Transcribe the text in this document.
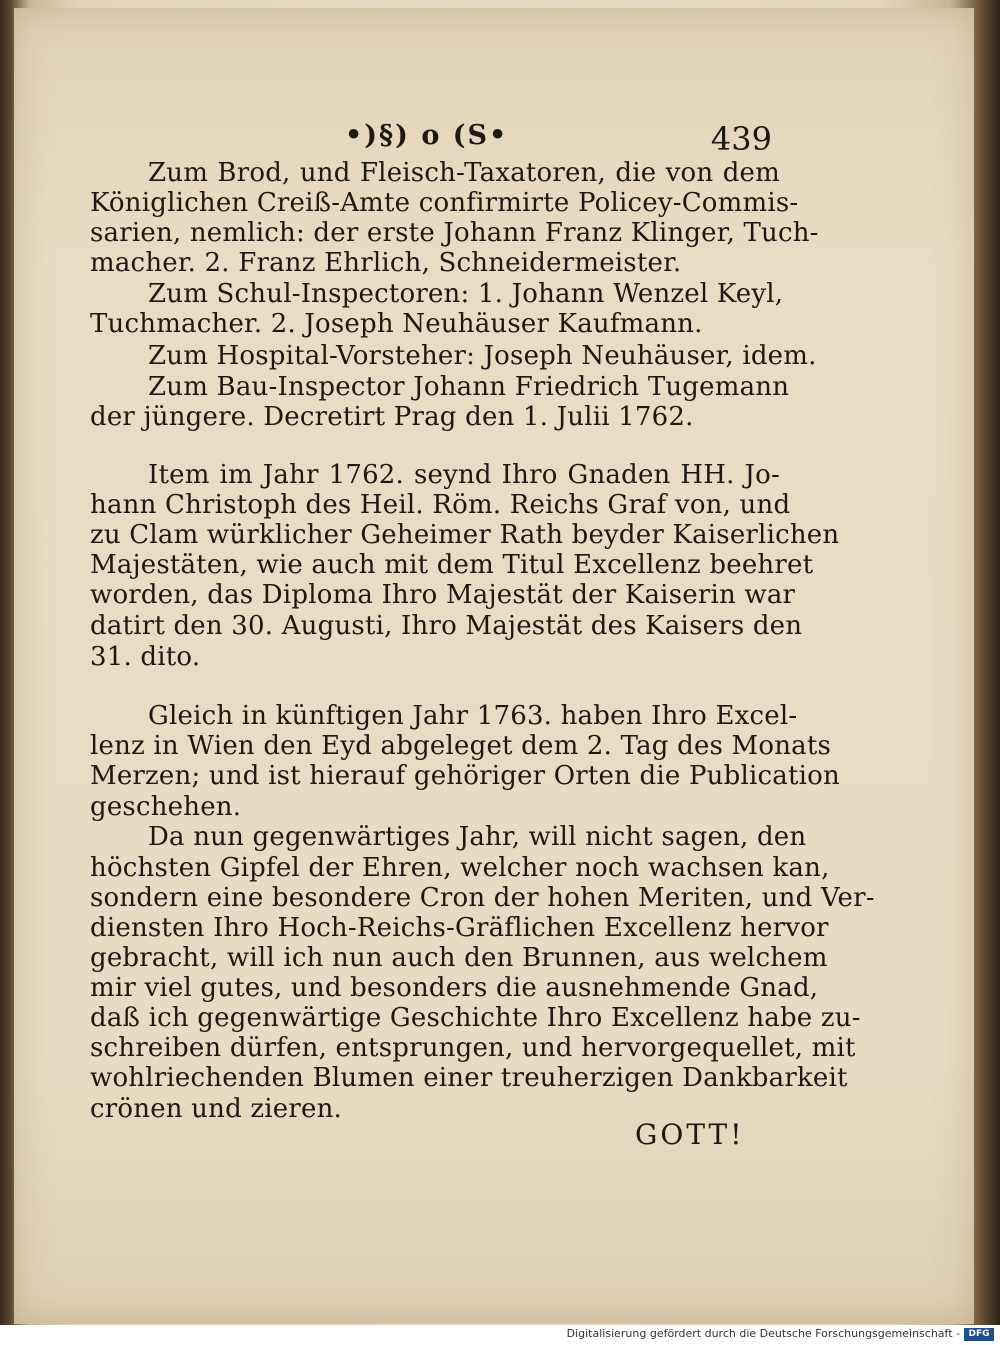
•)§) o (S•	439
Zum Brod, und Fleisch-Taxatoren, die von dem
Königlichen Creiß-Amte confirmirte Policey-Commis-
sarien, nemlich: der erste Johann Franz Klinger, Tuch-
macher. 2. Franz Ehrlich, Schneidermeister.
Zum Schul-Inspectoren: 1. Johann Wenzel Keyl,
Tuchmacher. 2. Joseph Neuhäuser Kaufmann.
Zum Hospital-Vorsteher: Joseph Neuhäuser, idem.
Zum Bau-Inspector Johann Friedrich Tugemann
der jüngere. Decretirt Prag den 1. Julii 1762.
Item im Jahr 1762. seynd Ihro Gnaden HH. Jo-
hann Christoph des Heil. Röm. Reichs Graf von, und
zu Clam würklicher Geheimer Rath beyder Kaiserlichen
Majestäten, wie auch mit dem Titul Excellenz beehret
worden, das Diploma Ihro Majestät der Kaiserin war
datirt den 30. Augusti, Ihro Majestät des Kaisers den
31. dito.
Gleich in künftigen Jahr 1763. haben Ihro Excel-
lenz in Wien den Eyd abgeleget dem 2. Tag des Monats
Merzen; und ist hierauf gehöriger Orten die Publication
geschehen.
Da nun gegenwärtiges Jahr, will nicht sagen, den
höchsten Gipfel der Ehren, welcher noch wachsen kan,
sondern eine besondere Cron der hohen Meriten, und Ver-
diensten Ihro Hoch-Reichs-Gräflichen Excellenz hervor
gebracht, will ich nun auch den Brunnen, aus welchem
mir viel gutes, und besonders die ausnehmende Gnad,
daß ich gegenwärtige Geschichte Ihro Excellenz habe zu-
schreiben dürfen, entsprungen, und hervorgequellet, mit
wohlriechenden Blumen einer treuherzigen Dankbarkeit
crönen und zieren.
GOTT!
Digitalisierung gefördert durch die Deutsche Forschungsgemeinschaft - DFG
